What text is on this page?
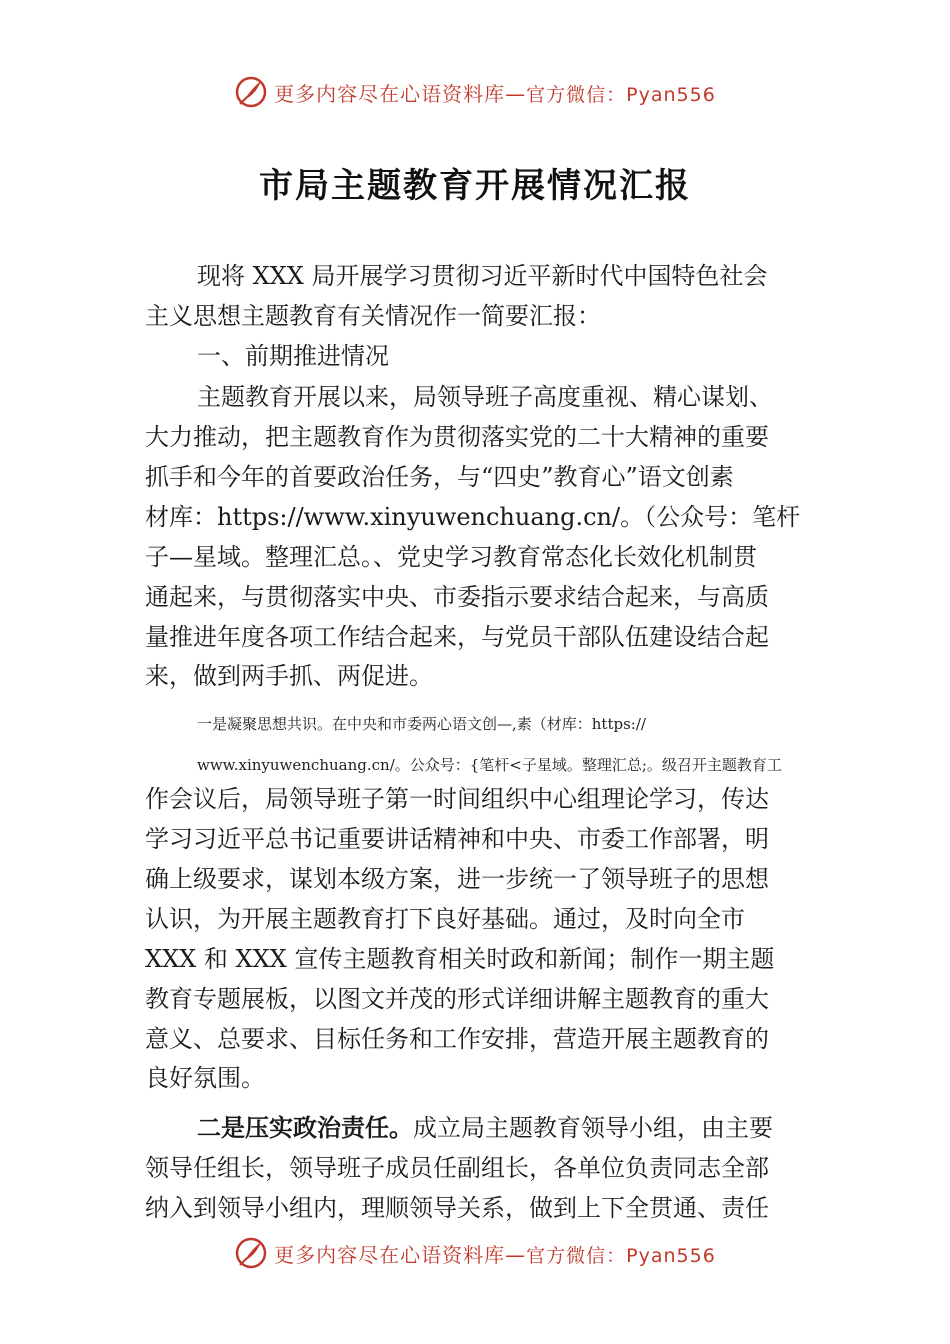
更多内容尽在心语资料库—官方微信：Pyan556
市局主题教育开展情况汇报
现将 XXX 局开展学习贯彻习近平新时代中国特色社会
主义思想主题教育有关情况作一简要汇报：
一、前期推进情况
主题教育开展以来，局领导班子高度重视、精心谋划、
大力推动，把主题教育作为贯彻落实党的二十大精神的重要
抓手和今年的首要政治任务，与“四史”教育心”语文创素
材库：https://www.xinyuwenchuang.cn/。（公众号：笔杆
子—星域。整理汇总。、党史学习教育常态化长效化机制贯
通起来，与贯彻落实中央、市委指示要求结合起来，与高质
量推进年度各项工作结合起来，与党员干部队伍建设结合起
来，做到两手抓、两促进。
一是凝聚思想共识。在中央和市委两心语文创—,素（材库：https://
www.xinyuwenchuang.cn/。公众号：{笔杆<子星域。整理汇总;。级召开主题教育工
作会议后，局领导班子第一时间组织中心组理论学习，传达
学习习近平总书记重要讲话精神和中央、市委工作部署，明
确上级要求，谋划本级方案，进一步统一了领导班子的思想
认识，为开展主题教育打下良好基础。通过，及时向全市
XXX 和 XXX 宣传主题教育相关时政和新闻；制作一期主题
教育专题展板，以图文并茂的形式详细讲解主题教育的重大
意义、总要求、目标任务和工作安排，营造开展主题教育的
良好氛围。
二是压实政治责任。成立局主题教育领导小组，由主要
领导任组长，领导班子成员任副组长，各单位负责同志全部
纳入到领导小组内，理顺领导关系，做到上下全贯通、责任
更多内容尽在心语资料库—官方微信：Pyan556
